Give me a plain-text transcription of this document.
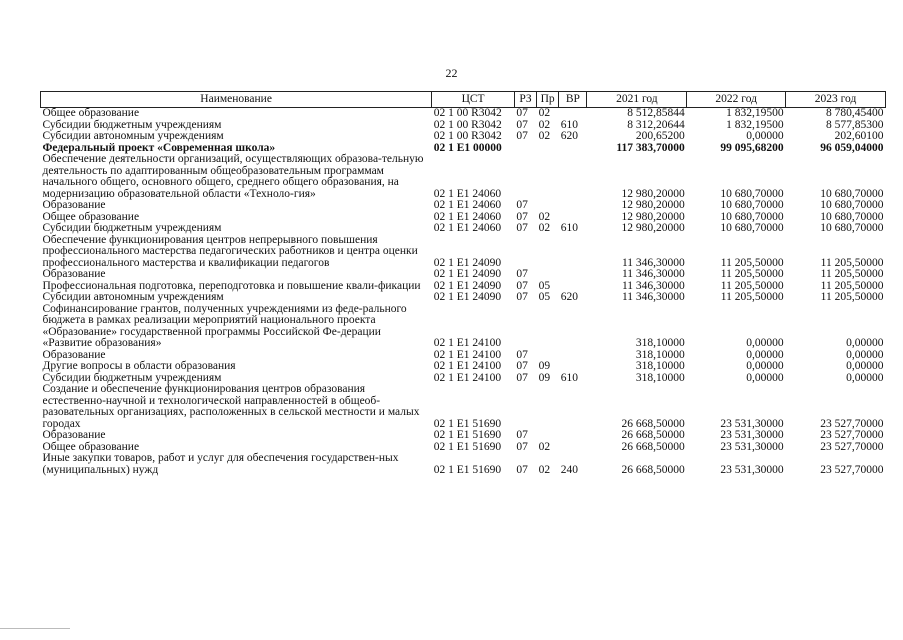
22
Наименование	ЦСТ	РЗ	Пр	ВР	2021 год	2022 год	2023 год
Общее образование	02 1 00 R3042	07	02		8 512,85844	1 832,19500	8 780,45400
Субсидии бюджетным учреждениям	02 1 00 R3042	07	02	610	8 312,20644	1 832,19500	8 577,85300
Субсидии автономным учреждениям	02 1 00 R3042	07	02	620	200,65200	0,00000	202,60100
Федеральный проект «Современная школа»	02 1 E1 00000				117 383,70000	99 095,68200	96 059,04000
Обеспечение деятельности организаций, осуществляющих образова-тельную деятельность по адаптированным общеобразовательным программам начального общего, основного общего, среднего общего образования, на модернизацию образовательной области «Техноло-гия»	02 1 E1 24060				12 980,20000	10 680,70000	10 680,70000
Образование	02 1 E1 24060	07			12 980,20000	10 680,70000	10 680,70000
Общее образование	02 1 E1 24060	07	02		12 980,20000	10 680,70000	10 680,70000
Субсидии бюджетным учреждениям	02 1 E1 24060	07	02	610	12 980,20000	10 680,70000	10 680,70000
Обеспечение функционирования центров непрерывного повышения профессионального мастерства педагогических работников и центра оценки профессионального мастерства и квалификации педагогов	02 1 E1 24090				11 346,30000	11 205,50000	11 205,50000
Образование	02 1 E1 24090	07			11 346,30000	11 205,50000	11 205,50000
Профессиональная подготовка, переподготовка и повышение квали-фикации	02 1 E1 24090	07	05		11 346,30000	11 205,50000	11 205,50000
Субсидии автономным учреждениям	02 1 E1 24090	07	05	620	11 346,30000	11 205,50000	11 205,50000
Софинансирование грантов, полученных учреждениями из феде-рального бюджета в рамках реализации мероприятий национального проекта «Образование» государственной программы Российской Фе-дерации «Развитие образования»	02 1 E1 24100				318,10000	0,00000	0,00000
Образование	02 1 E1 24100	07			318,10000	0,00000	0,00000
Другие вопросы в области образования	02 1 E1 24100	07	09		318,10000	0,00000	0,00000
Субсидии бюджетным учреждениям	02 1 E1 24100	07	09	610	318,10000	0,00000	0,00000
Создание и обеспечение функционирования центров образования естественно-научной и технологической направленностей в общеоб-разовательных организациях, расположенных в сельской местности и малых городах	02 1 E1 51690				26 668,50000	23 531,30000	23 527,70000
Образование	02 1 E1 51690	07			26 668,50000	23 531,30000	23 527,70000
Общее образование	02 1 E1 51690	07	02		26 668,50000	23 531,30000	23 527,70000
Иные закупки товаров, работ и услуг для обеспечения государствен-ных (муниципальных) нужд	02 1 E1 51690	07	02	240	26 668,50000	23 531,30000	23 527,70000
